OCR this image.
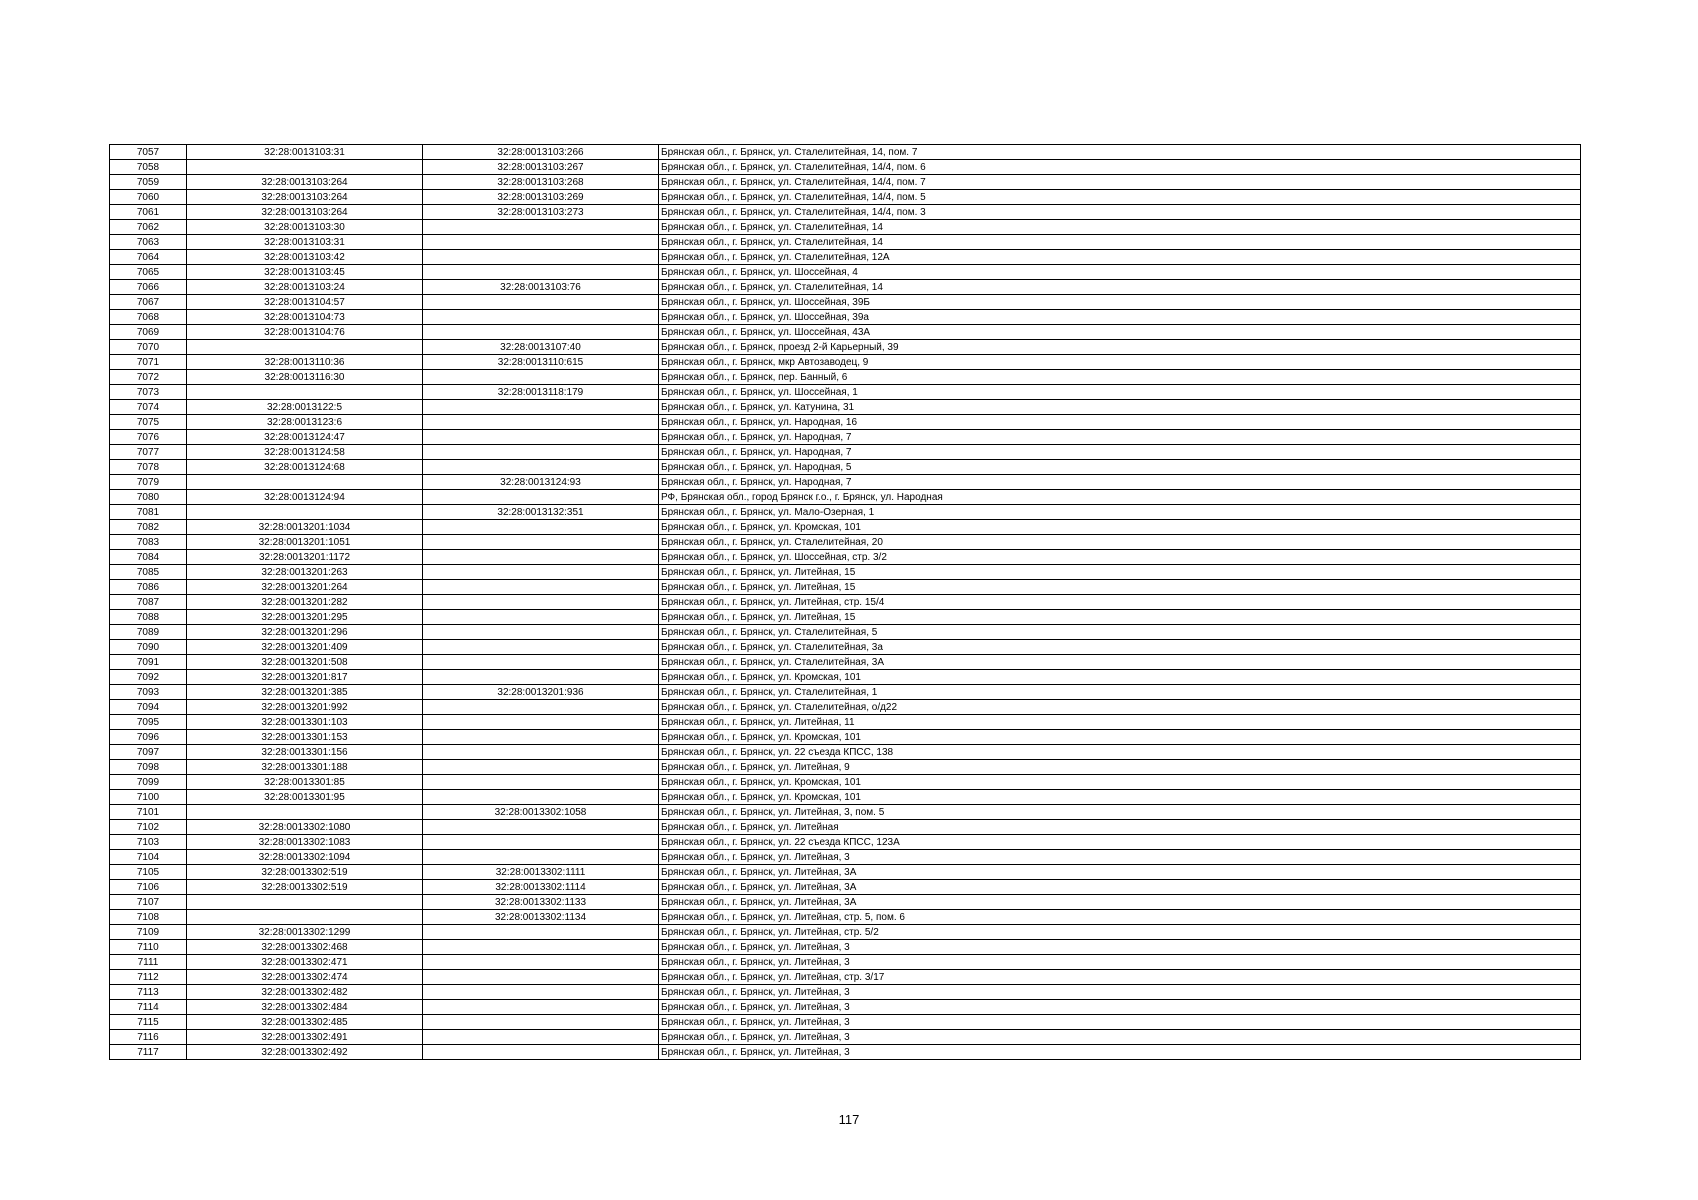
7057	32:28:0013103:31	32:28:0013103:266	Брянская обл., г. Брянск, ул. Сталелитейная, 14, пом. 7
7058		32:28:0013103:267	Брянская обл., г. Брянск, ул. Сталелитейная, 14/4, пом. 6
7059	32:28:0013103:264	32:28:0013103:268	Брянская обл., г. Брянск, ул. Сталелитейная, 14/4, пом. 7
7060	32:28:0013103:264	32:28:0013103:269	Брянская обл., г. Брянск, ул. Сталелитейная, 14/4, пом. 5
7061	32:28:0013103:264	32:28:0013103:273	Брянская обл., г. Брянск, ул. Сталелитейная, 14/4, пом. 3
7062	32:28:0013103:30		Брянская обл., г. Брянск, ул. Сталелитейная, 14
7063	32:28:0013103:31		Брянская обл., г. Брянск, ул. Сталелитейная, 14
7064	32:28:0013103:42		Брянская обл., г. Брянск, ул. Сталелитейная, 12А
7065	32:28:0013103:45		Брянская обл., г. Брянск, ул. Шоссейная, 4
7066	32:28:0013103:24	32:28:0013103:76	Брянская обл., г. Брянск, ул. Сталелитейная, 14
7067	32:28:0013104:57		Брянская обл., г. Брянск, ул. Шоссейная, 39Б
7068	32:28:0013104:73		Брянская обл., г. Брянск, ул. Шоссейная, 39а
7069	32:28:0013104:76		Брянская обл., г. Брянск, ул. Шоссейная, 43А
7070		32:28:0013107:40	Брянская обл., г. Брянск, проезд 2-й Карьерный, 39
7071	32:28:0013110:36	32:28:0013110:615	Брянская обл., г. Брянск, мкр Автозаводец, 9
7072	32:28:0013116:30		Брянская обл., г. Брянск, пер. Банный, 6
7073		32:28:0013118:179	Брянская обл., г. Брянск, ул. Шоссейная, 1
7074	32:28:0013122:5		Брянская обл., г. Брянск, ул. Катунина, 31
7075	32:28:0013123:6		Брянская обл., г. Брянск, ул. Народная, 16
7076	32:28:0013124:47		Брянская обл., г. Брянск, ул. Народная, 7
7077	32:28:0013124:58		Брянская обл., г. Брянск, ул. Народная, 7
7078	32:28:0013124:68		Брянская обл., г. Брянск, ул. Народная, 5
7079		32:28:0013124:93	Брянская обл., г. Брянск, ул. Народная, 7
7080	32:28:0013124:94		РФ, Брянская обл., город Брянск г.о., г. Брянск, ул. Народная
7081		32:28:0013132:351	Брянская обл., г. Брянск, ул. Мало-Озерная, 1
7082	32:28:0013201:1034		Брянская обл., г. Брянск, ул. Кромская, 101
7083	32:28:0013201:1051		Брянская обл., г. Брянск, ул. Сталелитейная, 20
7084	32:28:0013201:1172		Брянская обл., г. Брянск, ул. Шоссейная, стр. 3/2
7085	32:28:0013201:263		Брянская обл., г. Брянск, ул. Литейная, 15
7086	32:28:0013201:264		Брянская обл., г. Брянск, ул. Литейная, 15
7087	32:28:0013201:282		Брянская обл., г. Брянск, ул. Литейная, стр. 15/4
7088	32:28:0013201:295		Брянская обл., г. Брянск, ул. Литейная, 15
7089	32:28:0013201:296		Брянская обл., г. Брянск, ул. Сталелитейная, 5
7090	32:28:0013201:409		Брянская обл., г. Брянск, ул. Сталелитейная, 3а
7091	32:28:0013201:508		Брянская обл., г. Брянск, ул. Сталелитейная, 3А
7092	32:28:0013201:817		Брянская обл., г. Брянск, ул. Кромская, 101
7093	32:28:0013201:385	32:28:0013201:936	Брянская обл., г. Брянск, ул. Сталелитейная, 1
7094	32:28:0013201:992		Брянская обл., г. Брянск, ул. Сталелитейная, о/д22
7095	32:28:0013301:103		Брянская обл., г. Брянск, ул. Литейная, 11
7096	32:28:0013301:153		Брянская обл., г. Брянск, ул. Кромская, 101
7097	32:28:0013301:156		Брянская обл., г. Брянск, ул. 22 съезда КПСС, 138
7098	32:28:0013301:188		Брянская обл., г. Брянск, ул. Литейная, 9
7099	32:28:0013301:85		Брянская обл., г. Брянск, ул. Кромская, 101
7100	32:28:0013301:95		Брянская обл., г. Брянск, ул. Кромская, 101
7101		32:28:0013302:1058	Брянская обл., г. Брянск, ул. Литейная, 3, пом. 5
7102	32:28:0013302:1080		Брянская обл., г. Брянск, ул. Литейная
7103	32:28:0013302:1083		Брянская обл., г. Брянск, ул. 22 съезда КПСС, 123А
7104	32:28:0013302:1094		Брянская обл., г. Брянск, ул. Литейная, 3
7105	32:28:0013302:519	32:28:0013302:1111	Брянская обл., г. Брянск, ул. Литейная, 3А
7106	32:28:0013302:519	32:28:0013302:1114	Брянская обл., г. Брянск, ул. Литейная, 3А
7107		32:28:0013302:1133	Брянская обл., г. Брянск, ул. Литейная, 3А
7108		32:28:0013302:1134	Брянская обл., г. Брянск, ул. Литейная, стр. 5, пом. 6
7109	32:28:0013302:1299		Брянская обл., г. Брянск, ул. Литейная, стр. 5/2
7110	32:28:0013302:468		Брянская обл., г. Брянск, ул. Литейная, 3
7111	32:28:0013302:471		Брянская обл., г. Брянск, ул. Литейная, 3
7112	32:28:0013302:474		Брянская обл., г. Брянск, ул. Литейная, стр. 3/17
7113	32:28:0013302:482		Брянская обл., г. Брянск, ул. Литейная, 3
7114	32:28:0013302:484		Брянская обл., г. Брянск, ул. Литейная, 3
7115	32:28:0013302:485		Брянская обл., г. Брянск, ул. Литейная, 3
7116	32:28:0013302:491		Брянская обл., г. Брянск, ул. Литейная, 3
7117	32:28:0013302:492		Брянская обл., г. Брянск, ул. Литейная, 3
117
